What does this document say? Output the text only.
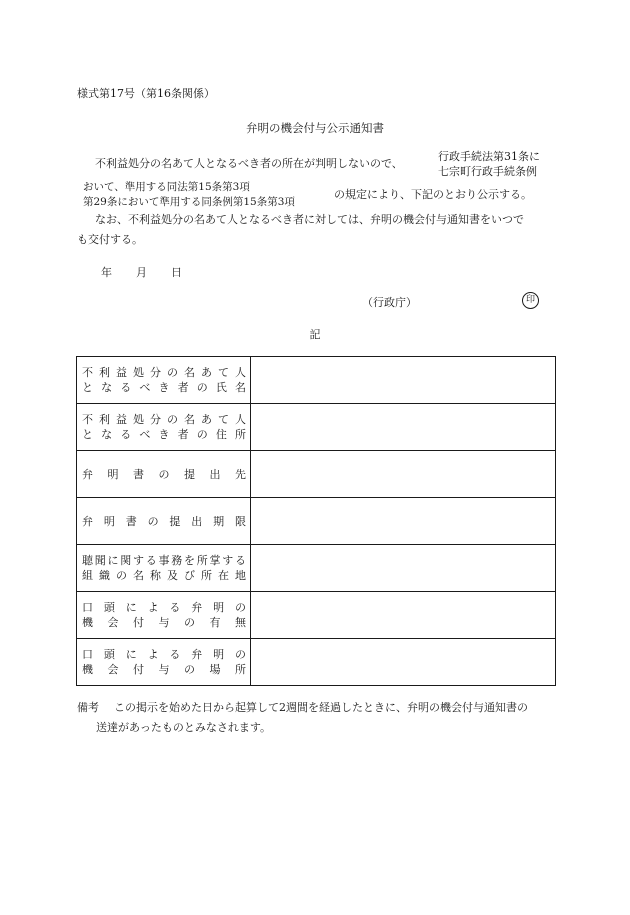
様式第17号（第16条関係）
弁明の機会付与公示通知書
不利益処分の名あて人となるべき者の所在が判明しないので、
行政手続法第31条に
七宗町行政手続条例
おいて、準用する同法第15条第3項
第29条において準用する同条例第15条第3項
の規定により、下記のとおり公示する。
なお、不利益処分の名あて人となるべき者に対しては、弁明の機会付与通知書をいつで
も交付する。
年 月 日
（行政庁）	印
記
不利益処分の名あて人
となるべき者の氏名	

不利益処分の名あて人
となるべき者の住所	

弁明書の提出先	

弁明書の提出期限	

聴聞に関する事務を所掌する
組織の名称及び所在地	

口頭による弁明の
機会付与の有無	

口頭による弁明の
機会付与の場所	

備考 この掲示を始めた日から起算して2週間を経過したときに、弁明の機会付与通知書の
送達があったものとみなされます。
